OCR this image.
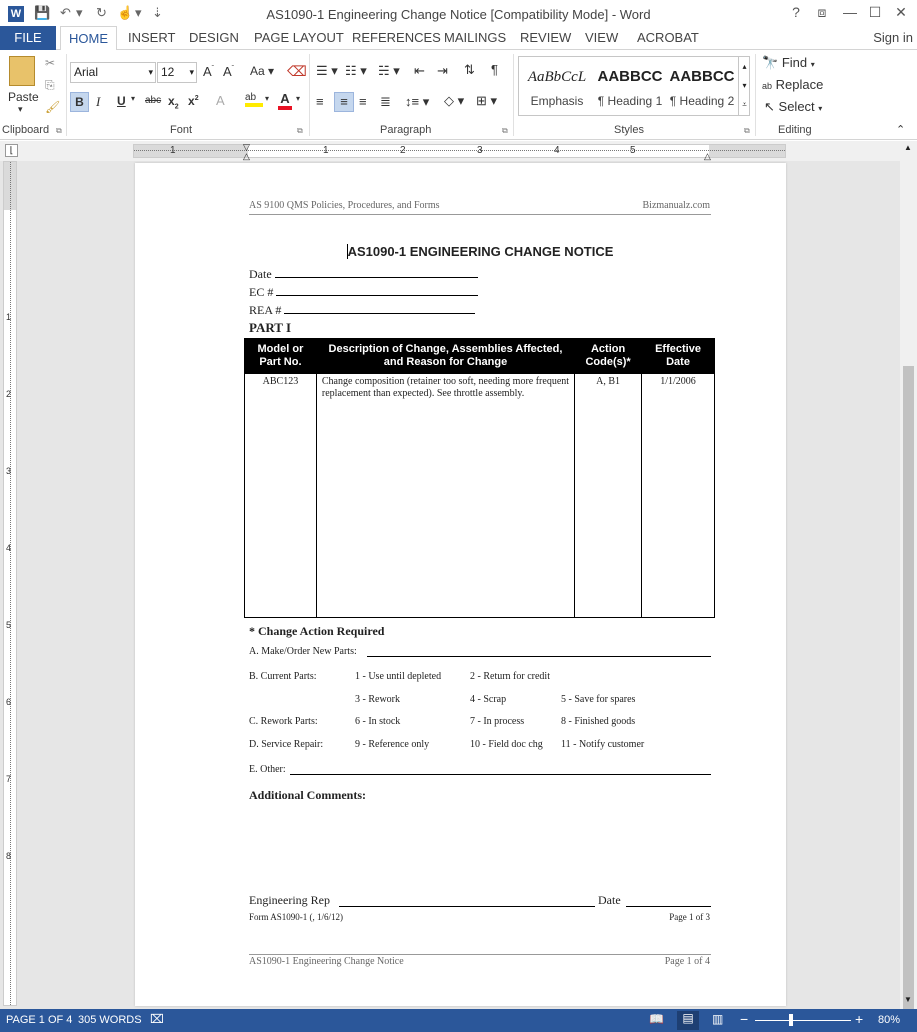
W 💾 ↶ ▾ ↻ ☝ ▾ ⇣	AS1090-1 Engineering Change Notice [Compatibility Mode] - Word	?	⧈	— ☐ ✕
FILE	HOME	INSERT	DESIGN	PAGE LAYOUT REFERENCES MAILINGS	REVIEW	VIEW	ACROBAT	Sign in
Paste
▾
✂
⎘
🖌
Clipboard ⧉
Arial	▾ 12 ▾ $A^ˆ$ $A^ˇ$ Aa ▾ ⌫
B I U ▾ abc $x_2$ $x^2$ A ab	▾ A ▾
Font	⧉
☰ ▾ ☷ ▾ ☵ ▾ ⇤ ⇥ ⇅ ¶
≡	≡ ≡ ≣ ↕≡ ▾ ◇ ▾ ⊞ ▾
Paragraph	⧉
AaBbCcL
Emphasis
AABBCC
¶ Heading 1
AABBCC
¶ Heading 2
▴
▾
⩡
Styles	⧉
🔭 Find ▾
ab Replace
↖ Select ▾
Editing	⌃
⌊	1	1	2	3	4	5
▽
△	△
1
2
3
4
5
6
7
8
▲
▼
AS 9100 QMS Policies, Procedures, and Forms	Bizmanualz.com
AS1090-1 ENGINEERING CHANGE NOTICE
Date
EC #
REA #
PART I
Model or Part No.	Description of Change, Assemblies Affected, and Reason for Change	Action Code(s)*	Effective Date
ABC123	Change composition (retainer too soft, needing more frequent replacement than expected). See throttle assembly.	A, B1	1/1/2006
* Change Action Required
A. Make/Order New Parts:
B. Current Parts:	1 - Use until depleted	2 - Return for credit
3 - Rework	4 - Scrap	5 - Save for spares
C. Rework Parts:	6 - In stock	7 - In process	8 - Finished goods
D. Service Repair:	9 - Reference only	10 - Field doc chg 11 - Notify customer
E. Other:
Additional Comments:
Engineering Rep	Date
Form AS1090-1 (, 1/6/12)	Page 1 of 3
AS1090-1 Engineering Change Notice	Page 1 of 4
PAGE 1 OF 4 305 WORDS ⌧	📖	▤	▥ −	+ 80%
